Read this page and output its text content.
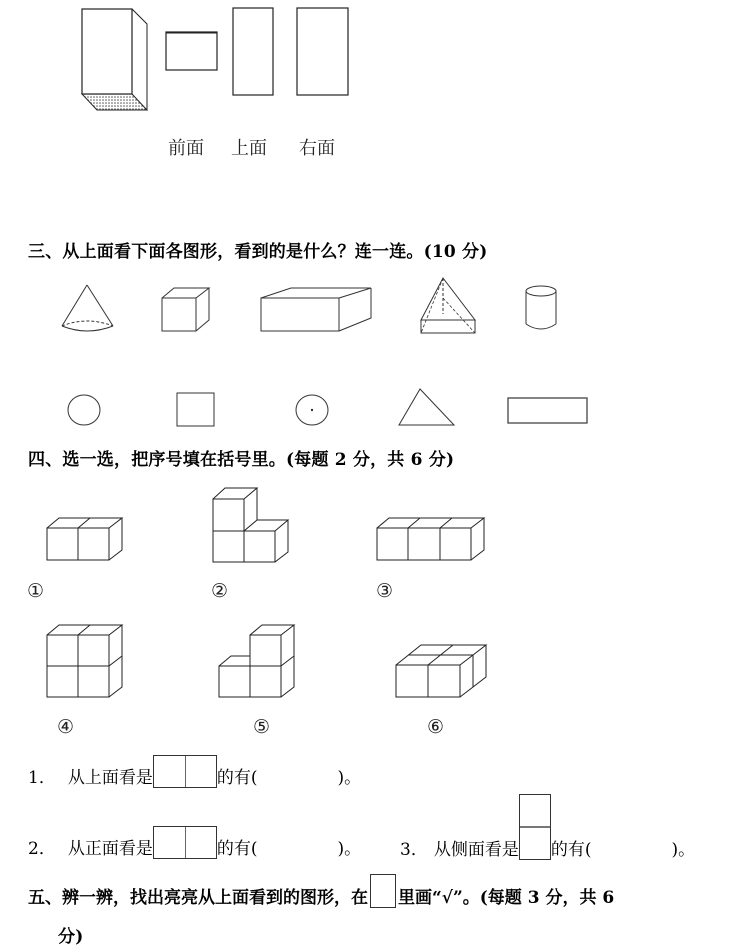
前面 上面 右面
三、从上面看下面各图形，看到的是什么？连一连。(10 分)
四、选一选，把序号填在括号里。(每题 2 分，共 6 分)
①	②	③
④	⑤	⑥
1． 从上面看是	的有(	)。
2． 从正面看是	的有(	)。 3． 从侧面看是 的有(	)。
五、辨一辨，找出亮亮从上面看到的图形，在 里画“√”。(每题 3 分，共 6
分)
